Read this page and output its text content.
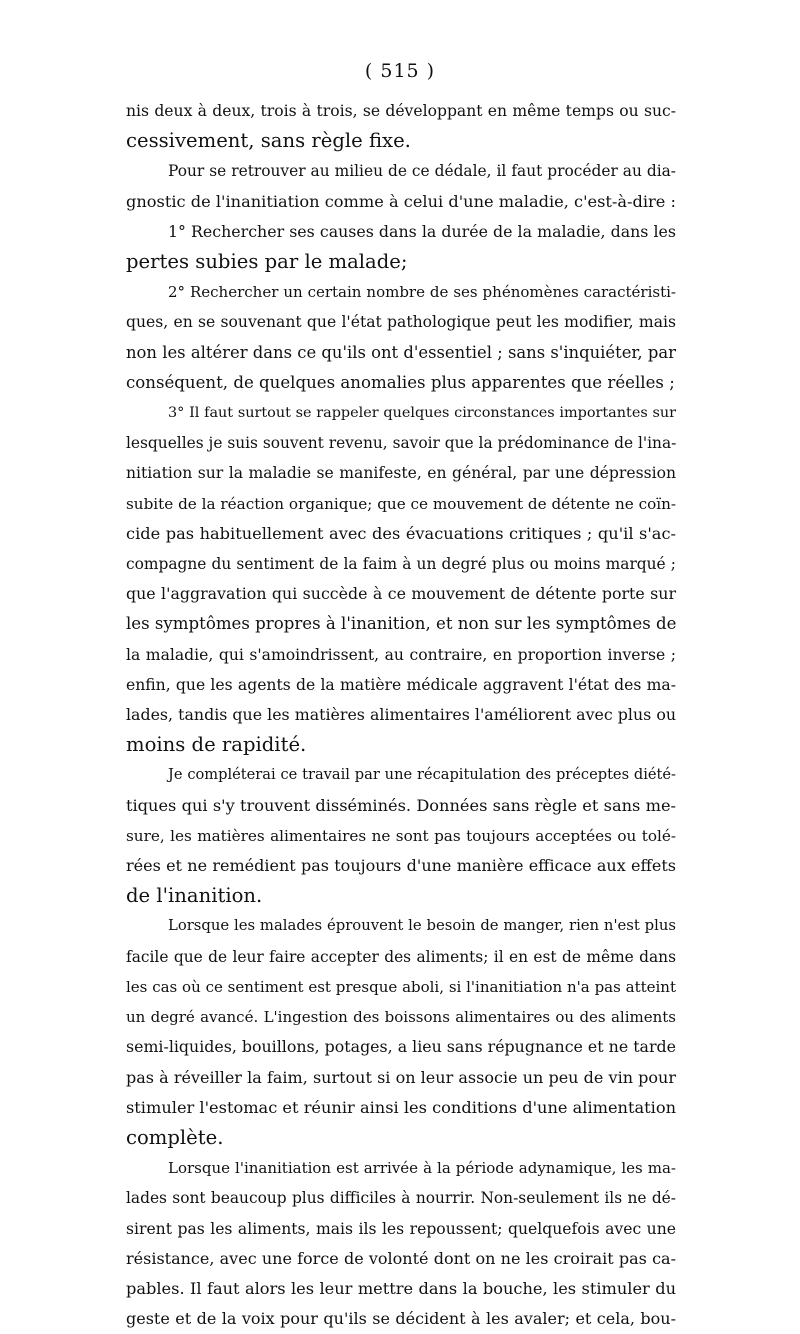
( 515 )
nis deux à deux, trois à trois, se développant en même temps ou suc-
cessivement, sans règle fixe.
Pour se retrouver au milieu de ce dédale, il faut procéder au dia-
gnostic de l'inanitiation comme à celui d'une maladie, c'est-à-dire :
1° Rechercher ses causes dans la durée de la maladie, dans les
pertes subies par le malade;
2° Rechercher un certain nombre de ses phénomènes caractéristi-
ques, en se souvenant que l'état pathologique peut les modifier, mais
non les altérer dans ce qu'ils ont d'essentiel ; sans s'inquiéter, par
conséquent, de quelques anomalies plus apparentes que réelles ;
3° Il faut surtout se rappeler quelques circonstances importantes sur
lesquelles je suis souvent revenu, savoir que la prédominance de l'ina-
nitiation sur la maladie se manifeste, en général, par une dépression
subite de la réaction organique; que ce mouvement de détente ne coïn-
cide pas habituellement avec des évacuations critiques ; qu'il s'ac-
compagne du sentiment de la faim à un degré plus ou moins marqué ;
que l'aggravation qui succède à ce mouvement de détente porte sur
les symptômes propres à l'inanition, et non sur les symptômes de
la maladie, qui s'amoindrissent, au contraire, en proportion inverse ;
enfin, que les agents de la matière médicale aggravent l'état des ma-
lades, tandis que les matières alimentaires l'améliorent avec plus ou
moins de rapidité.
Je compléterai ce travail par une récapitulation des préceptes diété-
tiques qui s'y trouvent disséminés. Données sans règle et sans me-
sure, les matières alimentaires ne sont pas toujours acceptées ou tolé-
rées et ne remédient pas toujours d'une manière efficace aux effets
de l'inanition.
Lorsque les malades éprouvent le besoin de manger, rien n'est plus
facile que de leur faire accepter des aliments; il en est de même dans
les cas où ce sentiment est presque aboli, si l'inanitiation n'a pas atteint
un degré avancé. L'ingestion des boissons alimentaires ou des aliments
semi-liquides, bouillons, potages, a lieu sans répugnance et ne tarde
pas à réveiller la faim, surtout si on leur associe un peu de vin pour
stimuler l'estomac et réunir ainsi les conditions d'une alimentation
complète.
Lorsque l'inanitiation est arrivée à la période adynamique, les ma-
lades sont beaucoup plus difficiles à nourrir. Non-seulement ils ne dé-
sirent pas les aliments, mais ils les repoussent; quelquefois avec une
résistance, avec une force de volonté dont on ne les croirait pas ca-
pables. Il faut alors les leur mettre dans la bouche, les stimuler du
geste et de la voix pour qu'ils se décident à les avaler; et cela, bou-
